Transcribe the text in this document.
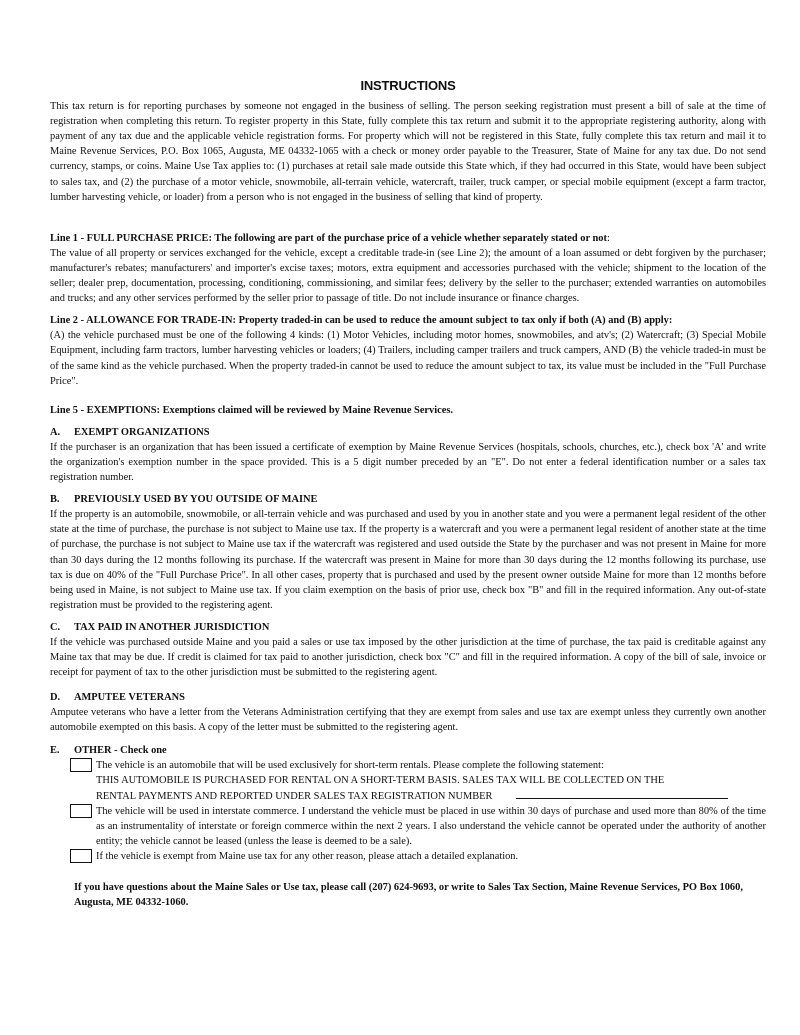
INSTRUCTIONS

This tax return is for reporting purchases by someone not engaged in the business of selling. The person seeking registration must present a bill of sale at the time of registration when completing this return. To register property in this State, fully complete this tax return and submit it to the appropriate registering authority, along with payment of any tax due and the applicable vehicle registration forms. For property which will not be registered in this State, fully complete this tax return and mail it to Maine Revenue Services, P.O. Box 1065, Augusta, ME 04332-1065 with a check or money order payable to the Treasurer, State of Maine for any tax due. Do not send currency, stamps, or coins. Maine Use Tax applies to: (1) purchases at retail sale made outside this State which, if they had occurred in this State, would have been subject to sales tax, and (2) the purchase of a motor vehicle, snowmobile, all-terrain vehicle, watercraft, trailer, truck camper, or special mobile equipment (except a farm tractor, lumber harvesting vehicle, or loader) from a person who is not engaged in the business of selling that kind of property.

Line 1 - FULL PURCHASE PRICE: The following are part of the purchase price of a vehicle whether separately stated or not:

The value of all property or services exchanged for the vehicle, except a creditable trade-in (see Line 2); the amount of a loan assumed or debt forgiven by the purchaser; manufacturer's rebates; manufacturers' and importer's excise taxes; motors, extra equipment and accessories purchased with the vehicle; shipment to the location of the seller; dealer prep, documentation, processing, conditioning, commissioning, and similar fees; delivery by the seller to the purchaser; extended warranties on automobiles and trucks; and any other services performed by the seller prior to passage of title. Do not include insurance or finance charges.

Line 2 - ALLOWANCE FOR TRADE-IN: Property traded-in can be used to reduce the amount subject to tax only if both (A) and (B) apply:

(A) the vehicle purchased must be one of the following 4 kinds: (1) Motor Vehicles, including motor homes, snowmobiles, and atv's; (2) Watercraft; (3) Special Mobile Equipment, including farm tractors, lumber harvesting vehicles or loaders; (4) Trailers, including camper trailers and truck campers, AND (B) the vehicle traded-in must be of the same kind as the vehicle purchased. When the property traded-in cannot be used to reduce the amount subject to tax, its value must be included in the "Full Purchase Price".

Line 5 - EXEMPTIONS: Exemptions claimed will be reviewed by Maine Revenue Services.

A. EXEMPT ORGANIZATIONS

If the purchaser is an organization that has been issued a certificate of exemption by Maine Revenue Services (hospitals, schools, churches, etc.), check box 'A' and write the organization's exemption number in the space provided. This is a 5 digit number preceded by an "E". Do not enter a federal identification number or a sales tax registration number.

B. PREVIOUSLY USED BY YOU OUTSIDE OF MAINE

If the property is an automobile, snowmobile, or all-terrain vehicle and was purchased and used by you in another state and you were a permanent legal resident of the other state at the time of purchase, the purchase is not subject to Maine use tax. If the property is a watercraft and you were a permanent legal resident of another state at the time of purchase, the purchase is not subject to Maine use tax if the watercraft was registered and used outside the State by the purchaser and was not present in Maine for more than 30 days during the 12 months following its purchase. If the watercraft was present in Maine for more than 30 days during the 12 months following its purchase, use tax is due on 40% of the "Full Purchase Price". In all other cases, property that is purchased and used by the present owner outside Maine for more than 12 months before being used in Maine, is not subject to Maine use tax. If you claim exemption on the basis of prior use, check box "B" and fill in the required information. Any out-of-state registration must be provided to the registering agent.

C. TAX PAID IN ANOTHER JURISDICTION

If the vehicle was purchased outside Maine and you paid a sales or use tax imposed by the other jurisdiction at the time of purchase, the tax paid is creditable against any Maine tax that may be due. If credit is claimed for tax paid to another jurisdiction, check box "C" and fill in the required information. A copy of the bill of sale, invoice or receipt for payment of tax to the other jurisdiction must be submitted to the registering agent.

D. AMPUTEE VETERANS

Amputee veterans who have a letter from the Veterans Administration certifying that they are exempt from sales and use tax are exempt unless they currently own another automobile exempted on this basis. A copy of the letter must be submitted to the registering agent.

E. OTHER - Check one

The vehicle is an automobile that will be used exclusively for short-term rentals. Please complete the following statement:

THIS AUTOMOBILE IS PURCHASED FOR RENTAL ON A SHORT-TERM BASIS. SALES TAX WILL BE COLLECTED ON THE

RENTAL PAYMENTS AND REPORTED UNDER SALES TAX REGISTRATION NUMBER

The vehicle will be used in interstate commerce. I understand the vehicle must be placed in use within 30 days of purchase and used more than 80% of the time as an instrumentality of interstate or foreign commerce within the next 2 years. I also understand the vehicle cannot be operated under the authority of another entity; the vehicle cannot be leased (unless the lease is deemed to be a sale).

If the vehicle is exempt from Maine use tax for any other reason, please attach a detailed explanation.

If you have questions about the Maine Sales or Use tax, please call (207) 624-9693, or write to Sales Tax Section, Maine Revenue Services, PO Box 1060, Augusta, ME 04332-1060.
